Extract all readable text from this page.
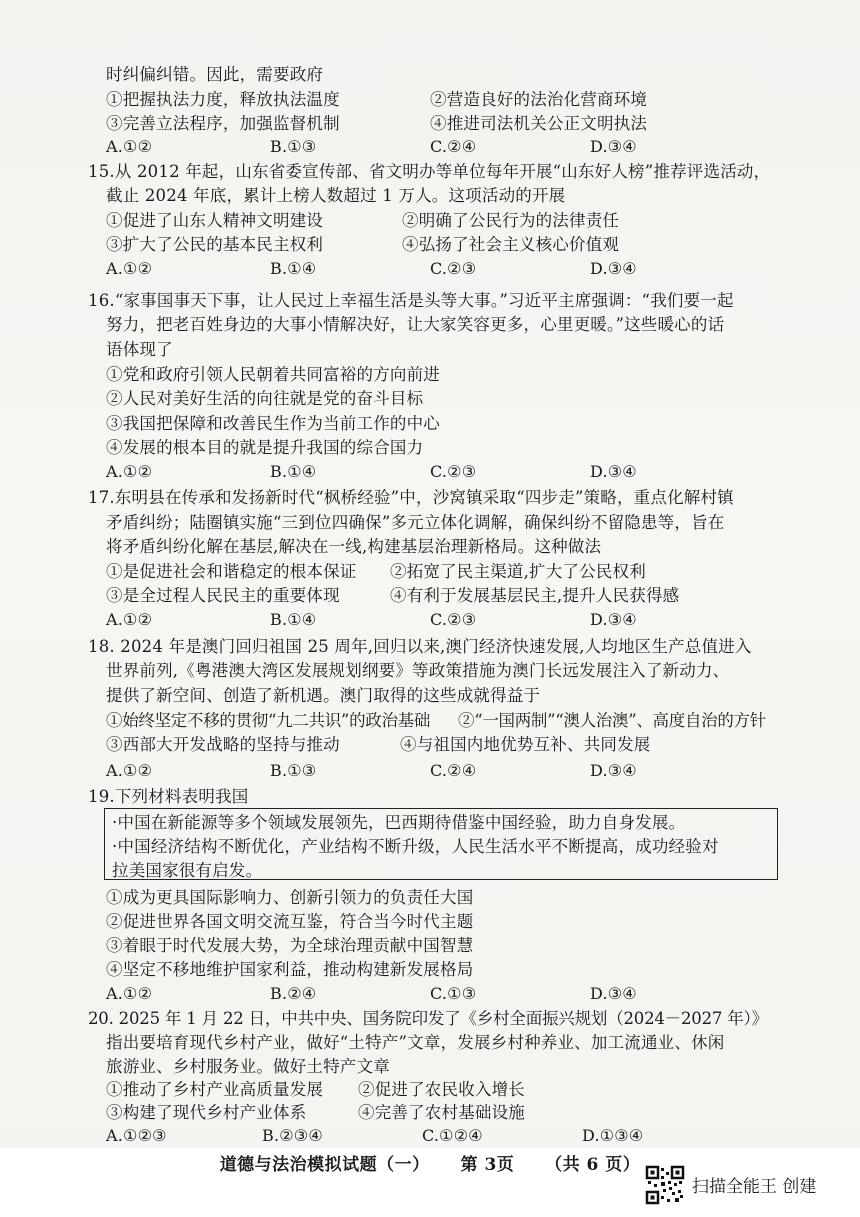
时纠偏纠错。因此，需要政府
①把握执法力度，释放执法温度	②营造良好的法治化营商环境
③完善立法程序，加强监督机制	④推进司法机关公正文明执法
A.①②	B.①③	C.②④	D.③④
15.从 2012 年起，山东省委宣传部、省文明办等单位每年开展“山东好人榜”推荐评选活动，
截止 2024 年底，累计上榜人数超过 1 万人。这项活动的开展
①促进了山东人精神文明建设	②明确了公民行为的法律责任
③扩大了公民的基本民主权利	④弘扬了社会主义核心价值观
A.①②	B.①④	C.②③	D.③④
16.“家事国事天下事，让人民过上幸福生活是头等大事。”习近平主席强调：“我们要一起
努力，把老百姓身边的大事小情解决好，让大家笑容更多，心里更暖。”这些暖心的话
语体现了
①党和政府引领人民朝着共同富裕的方向前进
②人民对美好生活的向往就是党的奋斗目标
③我国把保障和改善民生作为当前工作的中心
④发展的根本目的就是提升我国的综合国力
A.①②	B.①④	C.②③	D.③④
17.东明县在传承和发扬新时代“枫桥经验”中，沙窝镇采取“四步走”策略，重点化解村镇
矛盾纠纷；陆圈镇实施“三到位四确保”多元立体化调解，确保纠纷不留隐患等，旨在
将矛盾纠纷化解在基层,解决在一线,构建基层治理新格局。这种做法
①是促进社会和谐稳定的根本保证 ②拓宽了民主渠道,扩大了公民权利
③是全过程人民民主的重要体现	④有利于发展基层民主,提升人民获得感
A.①②	B.①④	C.②③	D.③④
18. 2024 年是澳门回归祖国 25 周年,回归以来,澳门经济快速发展,人均地区生产总值进入
世界前列,《粤港澳大湾区发展规划纲要》等政策措施为澳门长远发展注入了新动力、
提供了新空间、创造了新机遇。澳门取得的这些成就得益于
①始终坚定不移的贯彻“九二共识”的政治基础 ②“一国两制”“澳人治澳”、高度自治的方针
③西部大开发战略的坚持与推动	④与祖国内地优势互补、共同发展
A.①②	B.①③	C.②④	D.③④
19.下列材料表明我国
·中国在新能源等多个领域发展领先，巴西期待借鉴中国经验，助力自身发展。
·中国经济结构不断优化，产业结构不断升级，人民生活水平不断提高，成功经验对
拉美国家很有启发。
①成为更具国际影响力、创新引领力的负责任大国
②促进世界各国文明交流互鉴，符合当今时代主题
③着眼于时代发展大势，为全球治理贡献中国智慧
④坚定不移地维护国家利益，推动构建新发展格局
A.①②	B.②④	C.①③	D.③④
20. 2025 年 1 月 22 日，中共中央、国务院印发了《乡村全面振兴规划（2024－2027 年）》
指出要培育现代乡村产业，做好“土特产”文章，发展乡村种养业、加工流通业、休闲
旅游业、乡村服务业。做好土特产文章
①推动了乡村产业高质量发展 ②促进了农民收入增长
③构建了现代乡村产业体系	④完善了农村基础设施
A.①②③	B.②③④	C.①②④	D.①③④
道德与法治模拟试题（一） 第 3页 （共 6 页）
扫描全能王 创建
